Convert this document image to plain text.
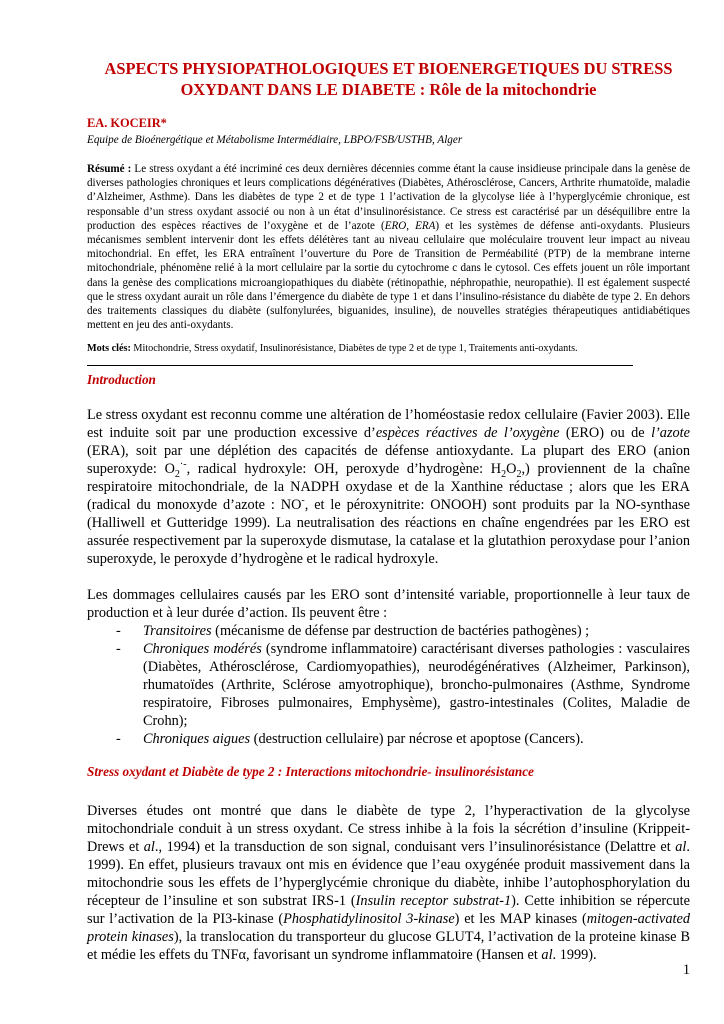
ASPECTS PHYSIOPATHOLOGIQUES ET BIOENERGETIQUES DU STRESS
OXYDANT DANS LE DIABETE : Rôle de la mitochondrie

EA. KOCEIR*

Equipe de Bioénergétique et Métabolisme Intermédiaire, LBPO/FSB/USTHB, Alger

Résumé : Le stress oxydant a été incriminé ces deux dernières décennies comme étant la cause insidieuse principale dans la genèse de diverses pathologies chroniques et leurs complications dégénératives (Diabètes, Athérosclérose, Cancers, Arthrite rhumatoïde, maladie d’Alzheimer, Asthme). Dans les diabètes de type 2 et de type 1 l’activation de la glycolyse liée à l’hyperglycémie chronique, est responsable d’un stress oxydant associé ou non à un état d’insulinorésistance. Ce stress est caractérisé par un déséquilibre entre la production des espèces réactives de l’oxygène et de l’azote (ERO, ERA) et les systèmes de défense anti-oxydants. Plusieurs mécanismes semblent intervenir dont les effets délétères tant au niveau cellulaire que moléculaire trouvent leur impact au niveau mitochondrial. En effet, les ERA entraînent l’ouverture du Pore de Transition de Perméabilité (PTP) de la membrane interne mitochondriale, phénomène relié à la mort cellulaire par la sortie du cytochrome c dans le cytosol. Ces effets jouent un rôle important dans la genèse des complications microangiopathiques du diabète (rétinopathie, néphropathie, neuropathie). Il est également suspecté que le stress oxydant aurait un rôle dans l’émergence du diabète de type 1 et dans l’insulino-résistance du diabète de type 2. En dehors des traitements classiques du diabète (sulfonylurées, biguanides, insuline), de nouvelles stratégies thérapeutiques antidiabétiques mettent en jeu des anti-oxydants.

Mots clés: Mitochondrie, Stress oxydatif, Insulinorésistance, Diabètes de type 2 et de type 1, Traitements anti-oxydants.

Introduction

Le stress oxydant est reconnu comme une altération de l’homéostasie redox cellulaire (Favier 2003). Elle est induite soit par une production excessive d’espèces réactives de l’oxygène (ERO) ou de l’azote (ERA), soit par une déplétion des capacités de défense antioxydante. La plupart des ERO (anion superoxyde: $O_2^{\cdot-}$, radical hydroxyle: OH, peroxyde d’hydrogène: $H_2O_2$,) proviennent de la chaîne respiratoire mitochondriale, de la NADPH oxydase et de la Xanthine réductase ; alors que les ERA (radical du monoxyde d’azote : NO-, et le péroxynitrite: ONOOH) sont produits par la NO-synthase (Halliwell et Gutteridge 1999). La neutralisation des réactions en chaîne engendrées par les ERO est assurée respectivement par la superoxyde dismutase, la catalase et la glutathion peroxydase pour l’anion superoxyde, le peroxyde d’hydrogène et le radical hydroxyle.

Les dommages cellulaires causés par les ERO sont d’intensité variable, proportionnelle à leur taux de production et à leur durée d’action. Ils peuvent être :

- Transitoires (mécanisme de défense par destruction de bactéries pathogènes) ;
- Chroniques modérés (syndrome inflammatoire) caractérisant diverses pathologies : vasculaires (Diabètes, Athérosclérose, Cardiomyopathies), neurodégénératives (Alzheimer, Parkinson), rhumatoïdes (Arthrite, Sclérose amyotrophique), broncho-pulmonaires (Asthme, Syndrome respiratoire, Fibroses pulmonaires, Emphysème), gastro-intestinales (Colites, Maladie de Crohn);
- Chroniques aigues (destruction cellulaire) par nécrose et apoptose (Cancers).
Stress oxydant et Diabète de type 2 : Interactions mitochondrie- insulinorésistance

Diverses études ont montré que dans le diabète de type 2, l’hyperactivation de la glycolyse mitochondriale conduit à un stress oxydant. Ce stress inhibe à la fois la sécrétion d’insuline (Krippeit-Drews et al., 1994) et la transduction de son signal, conduisant vers l’insulinorésistance (Delattre et al. 1999). En effet, plusieurs travaux ont mis en évidence que l’eau oxygénée produit massivement dans la mitochondrie sous les effets de l’hyperglycémie chronique du diabète, inhibe l’autophosphorylation du récepteur de l’insuline et son substrat IRS-1 (Insulin receptor substrat-1). Cette inhibition se répercute sur l’activation de la PI3-kinase (Phosphatidylinositol 3-kinase) et les MAP kinases (mitogen-activated protein kinases), la translocation du transporteur du glucose GLUT4, l’activation de la proteine kinase B et médie les effets du TNFα, favorisant un syndrome inflammatoire (Hansen et al. 1999).

1
